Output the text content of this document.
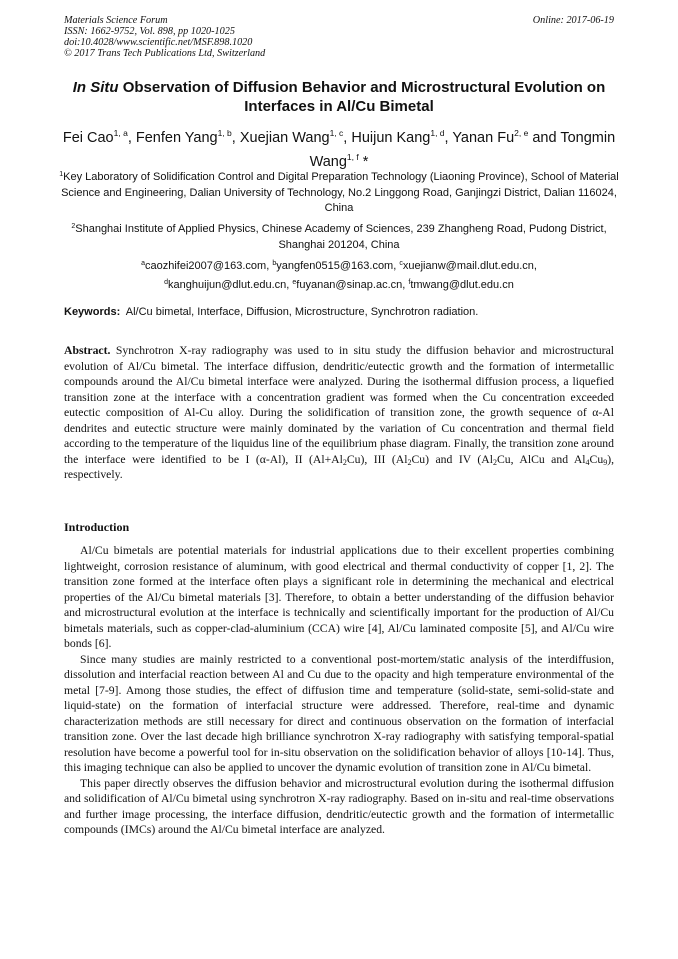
Materials Science Forum
ISSN: 1662-9752, Vol. 898, pp 1020-1025
doi:10.4028/www.scientific.net/MSF.898.1020
© 2017 Trans Tech Publications Ltd, Switzerland
Online: 2017-06-19
In Situ Observation of Diffusion Behavior and Microstructural Evolution on Interfaces in Al/Cu Bimetal
Fei Cao$^{1, a}$, Fenfen Yang$^{1, b}$, Xuejian Wang$^{1, c}$, Huijun Kang$^{1, d}$, Yanan Fu$^{2, e}$ and Tongmin Wang$^{1, f}$ *
$^1$Key Laboratory of Solidification Control and Digital Preparation Technology (Liaoning Province), School of Material Science and Engineering, Dalian University of Technology, No.2 Linggong Road, Ganjingzi District, Dalian 116024, China
$^2$Shanghai Institute of Applied Physics, Chinese Academy of Sciences, 239 Zhangheng Road, Pudong District, Shanghai 201204, China
$^a$caozhifei2007@163.com, $^b$yangfen0515@163.com, $^c$xuejianw@mail.dlut.edu.cn,
$^d$kanghuijun@dlut.edu.cn, $^e$fuyanan@sinap.ac.cn, $^f$tmwang@dlut.edu.cn
Keywords: Al/Cu bimetal, Interface, Diffusion, Microstructure, Synchrotron radiation.
Abstract. Synchrotron X-ray radiography was used to in situ study the diffusion behavior and microstructural evolution of Al/Cu bimetal. The interface diffusion, dendritic/eutectic growth and the formation of intermetallic compounds around the Al/Cu bimetal interface were analyzed. During the isothermal diffusion process, a liquefied transition zone at the interface with a concentration gradient was formed when the Cu concentration exceeded eutectic composition of Al-Cu alloy. During the solidification of transition zone, the growth sequence of α-Al dendrites and eutectic structure were mainly dominated by the variation of Cu concentration and thermal field according to the temperature of the liquidus line of the equilibrium phase diagram. Finally, the transition zone around the interface were identified to be I (α-Al), II $(Al+Al_2Cu)$, III $(Al_2Cu)$ and IV ($Al_2Cu$, AlCu and $Al_4Cu_9$), respectively.
Introduction

Al/Cu bimetals are potential materials for industrial applications due to their excellent properties combining lightweight, corrosion resistance of aluminum, with good electrical and thermal conductivity of copper [1, 2]. The transition zone formed at the interface often plays a significant role in determining the mechanical and electrical properties of the Al/Cu bimetal materials [3]. Therefore, to obtain a better understanding of the diffusion behavior and microstructural evolution at the interface is technically and scientifically important for the production of Al/Cu bimetals materials, such as copper-clad-aluminium (CCA) wire [4], Al/Cu laminated composite [5], and Al/Cu wire bonds [6].

Since many studies are mainly restricted to a conventional post-mortem/static analysis of the interdiffusion, dissolution and interfacial reaction between Al and Cu due to the opacity and high temperature environmental of the metal [7-9]. Among those studies, the effect of diffusion time and temperature (solid-state, semi-solid-state and liquid-state) on the formation of interfacial structure were addressed. Therefore, real-time and dynamic characterization methods are still necessary for direct and continuous observation on the formation of interfacial transition zone. Over the last decade high brilliance synchrotron X-ray radiography with satisfying temporal-spatial resolution have become a powerful tool for in-situ observation on the solidification behavior of alloys [10-14]. Thus, this imaging technique can also be applied to uncover the dynamic evolution of transition zone in Al/Cu bimetal.

This paper directly observes the diffusion behavior and microstructural evolution during the isothermal diffusion and solidification of Al/Cu bimetal using synchrotron X-ray radiography. Based on in-situ and real-time observations and further image processing, the interface diffusion, dendritic/eutectic growth and the formation of intermetallic compounds (IMCs) around the Al/Cu bimetal interface are analyzed.
